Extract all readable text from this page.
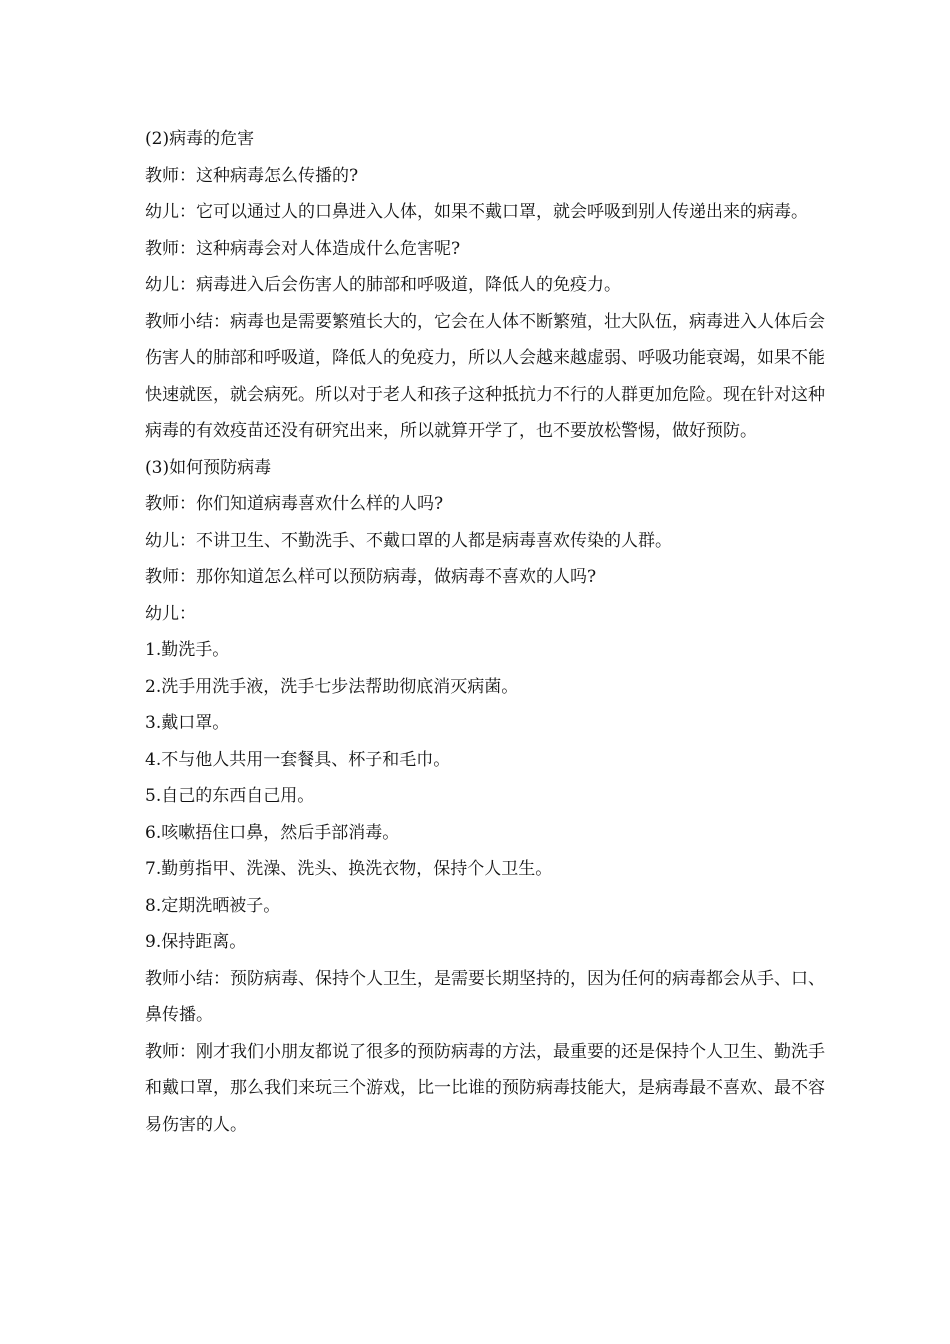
(2)病毒的危害

教师：这种病毒怎么传播的?

幼儿：它可以通过人的口鼻进入人体，如果不戴口罩，就会呼吸到别人传递出来的病毒。

教师：这种病毒会对人体造成什么危害呢?

幼儿：病毒进入后会伤害人的肺部和呼吸道，降低人的免疫力。

教师小结：病毒也是需要繁殖长大的，它会在人体不断繁殖，壮大队伍，病毒进入人体后会伤害人的肺部和呼吸道，降低人的免疫力，所以人会越来越虚弱、呼吸功能衰竭，如果不能快速就医，就会病死。所以对于老人和孩子这种抵抗力不行的人群更加危险。现在针对这种病毒的有效疫苗还没有研究出来，所以就算开学了，也不要放松警惕，做好预防。

(3)如何预防病毒

教师：你们知道病毒喜欢什么样的人吗?

幼儿：不讲卫生、不勤洗手、不戴口罩的人都是病毒喜欢传染的人群。

教师：那你知道怎么样可以预防病毒，做病毒不喜欢的人吗?

幼儿：

1.勤洗手。

2.洗手用洗手液，洗手七步法帮助彻底消灭病菌。

3.戴口罩。

4.不与他人共用一套餐具、杯子和毛巾。

5.自己的东西自己用。

6.咳嗽捂住口鼻，然后手部消毒。

7.勤剪指甲、洗澡、洗头、换洗衣物，保持个人卫生。

8.定期洗晒被子。

9.保持距离。

教师小结：预防病毒、保持个人卫生，是需要长期坚持的，因为任何的病毒都会从手、口、鼻传播。

教师：刚才我们小朋友都说了很多的预防病毒的方法，最重要的还是保持个人卫生、勤洗手和戴口罩，那么我们来玩三个游戏，比一比谁的预防病毒技能大，是病毒最不喜欢、最不容易伤害的人。
